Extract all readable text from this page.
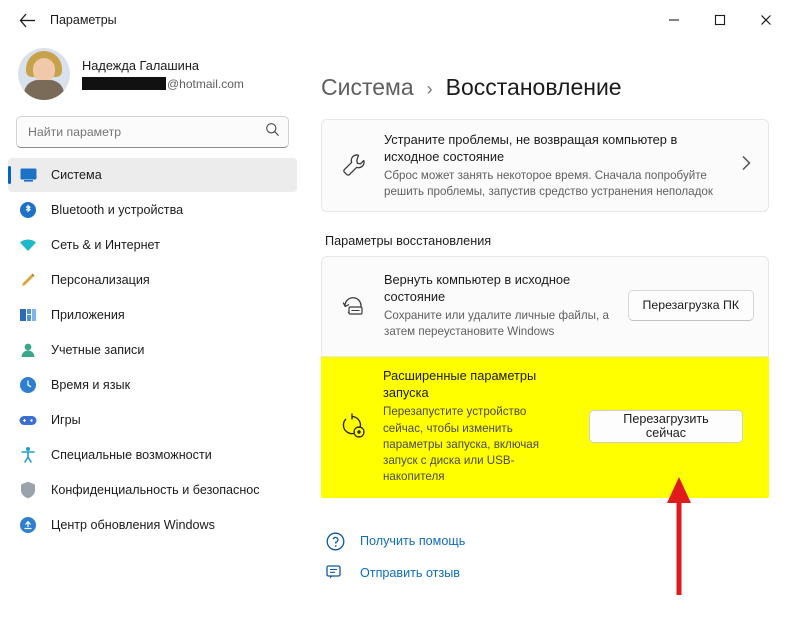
Параметры
Надежда Галашина
@hotmail.com
Найти параметр
Система
Bluetooth и устройства
Сеть & и Интернет
Персонализация
Приложения
Учетные записи
Время и язык
Игры
Специальные возможности
Конфиденциальность и безопаснос
Центр обновления Windows
Система › Восстановление
Устраните проблемы, не возвращая компьютер в исходное состояние
Сброс может занять некоторое время. Сначала попробуйте решить проблемы, запустив средство устранения неполадок
Параметры восстановления
Вернуть компьютер в исходное состояние
Сохраните или удалите личные файлы, а затем переустановите Windows
Перезагрузка ПК
Расширенные параметры запуска
Перезапустите устройство сейчас, чтобы изменить параметры запуска, включая запуск с диска или USB-накопителя
Перезагрузить сейчас
Получить помощь
Отправить отзыв
